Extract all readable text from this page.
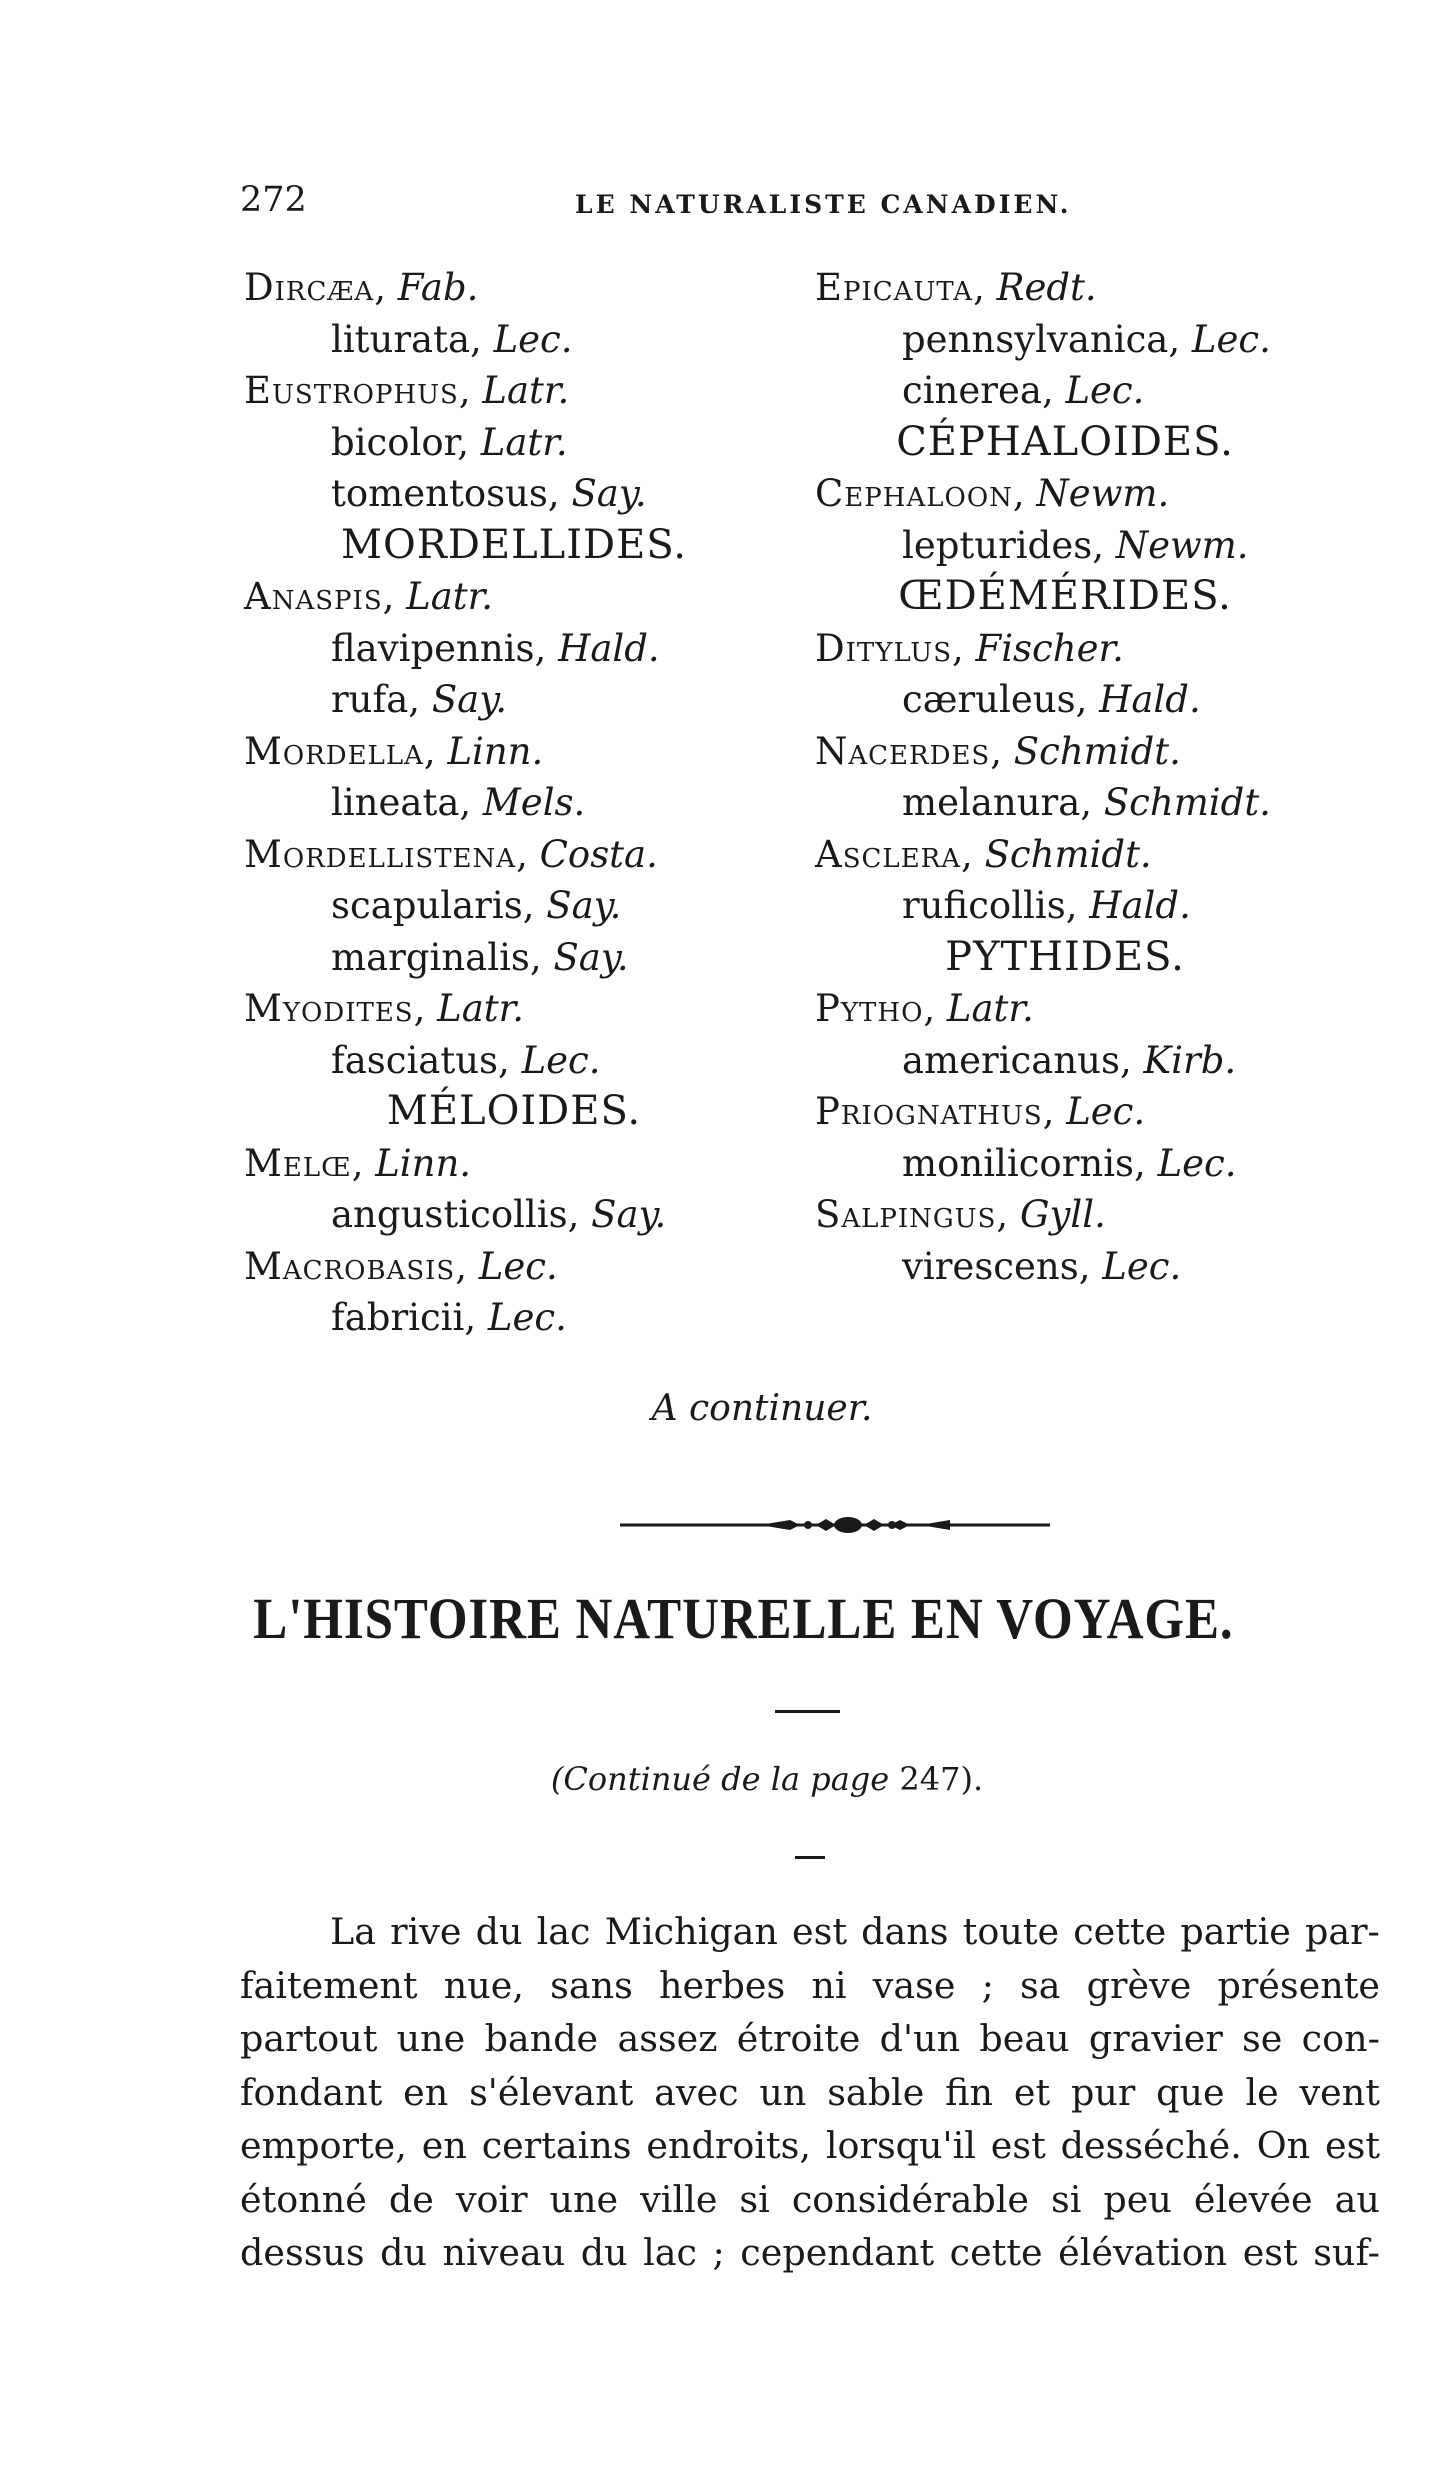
272	LE NATURALISTE CANADIEN.
Dircæa, Fab.
liturata, Lec.
Eustrophus, Latr.
bicolor, Latr.
tomentosus, Say.
MORDELLIDES.
Anaspis, Latr.
flavipennis, Hald.
rufa, Say.
Mordella, Linn.
lineata, Mels.
Mordellistena, Costa.
scapularis, Say.
marginalis, Say.
Myodites, Latr.
fasciatus, Lec.
MÉLOIDES.
Melœ, Linn.
angusticollis, Say.
Macrobasis, Lec.
fabricii, Lec.
Epicauta, Redt.
pennsylvanica, Lec.
cinerea, Lec.
CÉPHALOIDES.
Cephaloon, Newm.
lepturides, Newm.
ŒDÉMÉRIDES.
Ditylus, Fischer.
cæruleus, Hald.
Nacerdes, Schmidt.
melanura, Schmidt.
Asclera, Schmidt.
ruficollis, Hald.
PYTHIDES.
Pytho, Latr.
americanus, Kirb.
Priognathus, Lec.
monilicornis, Lec.
Salpingus, Gyll.
virescens, Lec.
A continuer.
L'HISTOIRE NATURELLE EN VOYAGE.
(Continué de la page 247).
La rive du lac Michigan est dans toute cette partie par-
faitement nue, sans herbes ni vase ; sa grève présente
partout une bande assez étroite d'un beau gravier se con-
fondant en s'élevant avec un sable fin et pur que le vent
emporte, en certains endroits, lorsqu'il est desséché. On est
étonné de voir une ville si considérable si peu élevée au
dessus du niveau du lac ; cependant cette élévation est suf-
